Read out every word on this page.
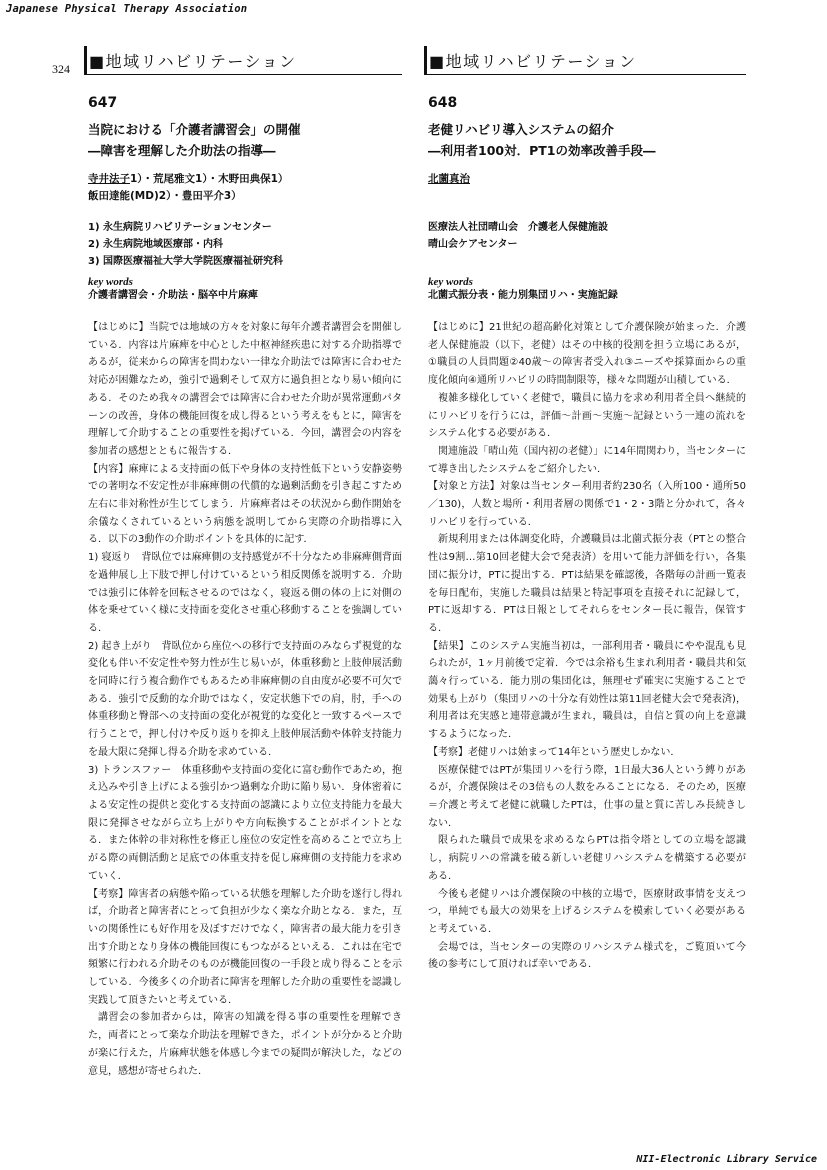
Japanese Physical Therapy Association
324 ■地域リハビリテーション
647
当院における「介護者講習会」の開催
―障害を理解した介助法の指導―
寺井法子1）・荒尾雅文1）・木野田典保1）
飯田達能(MD)2）・豊田平介3）
1) 永生病院リハビリテーションセンター
2) 永生病院地域医療部・内科
3) 国際医療福祉大学大学院医療福祉研究科
key words
介護者講習会・介助法・脳卒中片麻痺

【はじめに】当院では地域の方々を対象に毎年介護者講習会を開催している．内容は片麻痺を中心とした中枢神経疾患に対する介助指導であるが，従来からの障害を問わない一律な介助法では障害に合わせた対応が困難なため，強引で過剰そして双方に過負担となり易い傾向にある．そのため我々の講習会では障害に合わせた介助が異常運動パターンの改善，身体の機能回復を成し得るという考えをもとに，障害を理解して介助することの重要性を掲げている．今回，講習会の内容を参加者の感想とともに報告する．

【内容】麻痺による支持面の低下や身体の支持性低下という安静姿勢での著明な不安定性が非麻痺側の代償的な過剰活動を引き起こすため左右に非対称性が生じてしまう．片麻痺者はその状況から動作開始を余儀なくされているという病態を説明してから実際の介助指導に入る．以下の3動作の介助ポイントを具体的に記す．

1) 寝返り　背臥位では麻痺側の支持感覚が不十分なため非麻痺側背面を過伸展し上下肢で押し付けているという相反関係を説明する．介助では強引に体幹を回転させるのではなく，寝返る側の体の上に対側の体を乗せていく様に支持面を変化させ重心移動することを強調している．

2) 起き上がり　背臥位から座位への移行で支持面のみならず視覚的な変化も伴い不安定性や努力性が生じ易いが，体重移動と上肢伸展活動を同時に行う複合動作でもあるため非麻痺側の自由度が必要不可欠である．強引で反動的な介助ではなく，安定状態下での肩，肘，手への体重移動と臀部への支持面の変化が視覚的な変化と一致するペースで行うことで，押し付けや反り返りを抑え上肢伸展活動や体幹支持能力を最大限に発揮し得る介助を求めている．

3) トランスファー　体重移動や支持面の変化に富む動作であため，抱え込みや引き上げによる強引かつ過剰な介助に陥り易い．身体密着による安定性の提供と変化する支持面の認識により立位支持能力を最大限に発揮させながら立ち上がりや方向転換することがポイントとなる．また体幹の非対称性を修正し座位の安定性を高めることで立ち上がる際の両側活動と足底での体重支持を促し麻痺側の支持能力を求めていく．

【考察】障害者の病態や陥っている状態を理解した介助を遂行し得れば，介助者と障害者にとって負担が少なく楽な介助となる．また，互いの関係性にも好作用を及ぼすだけでなく，障害者の最大能力を引き出す介助となり身体の機能回復にもつながるといえる．これは在宅で頻繁に行われる介助そのものが機能回復の一手段と成り得ることを示している．今後多くの介助者に障害を理解した介助の重要性を認識し実践して頂きたいと考えている．

講習会の参加者からは，障害の知識を得る事の重要性を理解できた，両者にとって楽な介助法を理解できた，ポイントが分かると介助が楽に行えた，片麻痺状態を体感し今までの疑問が解決した，などの意見，感想が寄せられた．

■地域リハビリテーション
648
老健リハビリ導入システムの紹介
―利用者100対．PT1の効率改善手段―
北薗真治

医療法人社団晴山会　介護老人保健施設
晴山会ケアセンター

key words
北薗式振分表・能力別集団リハ・実施記録

【はじめに】21世紀の超高齢化対策として介護保険が始まった．介護老人保健施設（以下，老健）はその中核的役割を担う立場にあるが，①職員の人員問題②40歳～の障害者受入れ③ニーズや採算面からの重度化傾向④通所リハビリの時間制限等，様々な問題が山積している．

複雑多様化していく老健で，職員に協力を求め利用者全員へ継続的にリハビリを行うには，評価～計画～実施～記録という一連の流れをシステム化する必要がある．

関連施設「晴山苑（国内初の老健）」に14年間関わり，当センターにて導き出したシステムをご紹介したい．

【対象と方法】対象は当センター利用者約230名（入所100・通所50／130)，人数と場所・利用者層の関係で1・2・3階と分かれて，各々リハビリを行っている．

新規利用または体調変化時，介護職員は北薗式振分表（PTとの整合性は9割…第10回老健大会で発表済）を用いて能力評価を行い，各集団に振分け，PTに提出する．PTは結果を確認後，各階毎の計画一覧表を毎日配布，実施した職員は結果と特記事項を直接それに記録して，PTに返却する．PTは日報としてそれらをセンター長に報告，保管する．

【結果】このシステム実施当初は，一部利用者・職員にやや混乱も見られたが，1ヶ月前後で定着．今では余裕も生まれ利用者・職員共和気藹々行っている．能力別の集団化は，無理せず確実に実施することで効果も上がり（集団リハの十分な有効性は第11回老健大会で発表済)，利用者は充実感と連帯意識が生まれ，職員は，自信と質の向上を意識するようになった．

【考察】老健リハは始まって14年という歴史しかない．

医療保健ではPTが集団リハを行う際，1日最大36人という縛りがあるが，介護保険はその3倍もの人数をみることになる．そのため，医療＝介護と考えて老健に就職したPTは，仕事の量と質に苦しみ長続きしない．

限られた職員で成果を求めるならPTは指令塔としての立場を認識し，病院リハの常識を破る新しい老健リハシステムを構築する必要がある．

今後も老健リハは介護保険の中核的立場で，医療財政事情を支えつつ，単純でも最大の効果を上げるシステムを模索していく必要があると考えている．

会場では，当センターの実際のリハシステム様式を，ご覧頂いて今後の参考にして頂ければ幸いである．

NII-Electronic Library Service
